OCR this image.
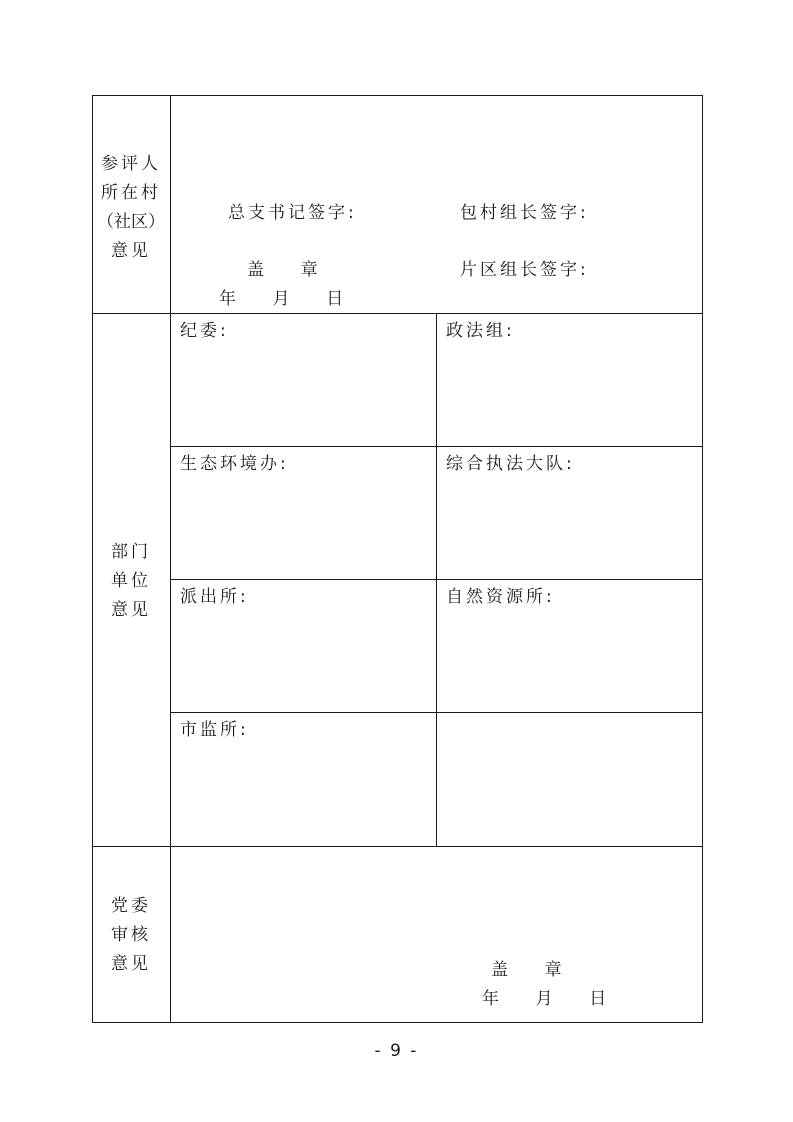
参评人
所在村
（社区）
意见
总支书记签字:	包村组长签字:
盖    章	片区组长签字:
年    月    日
部门
单位
意见
纪委:	政法组:
生态环境办:	综合执法大队:
派出所:	自然资源所:
市监所:
党委
审核
意见	盖    章
年    月    日
- 9 -
